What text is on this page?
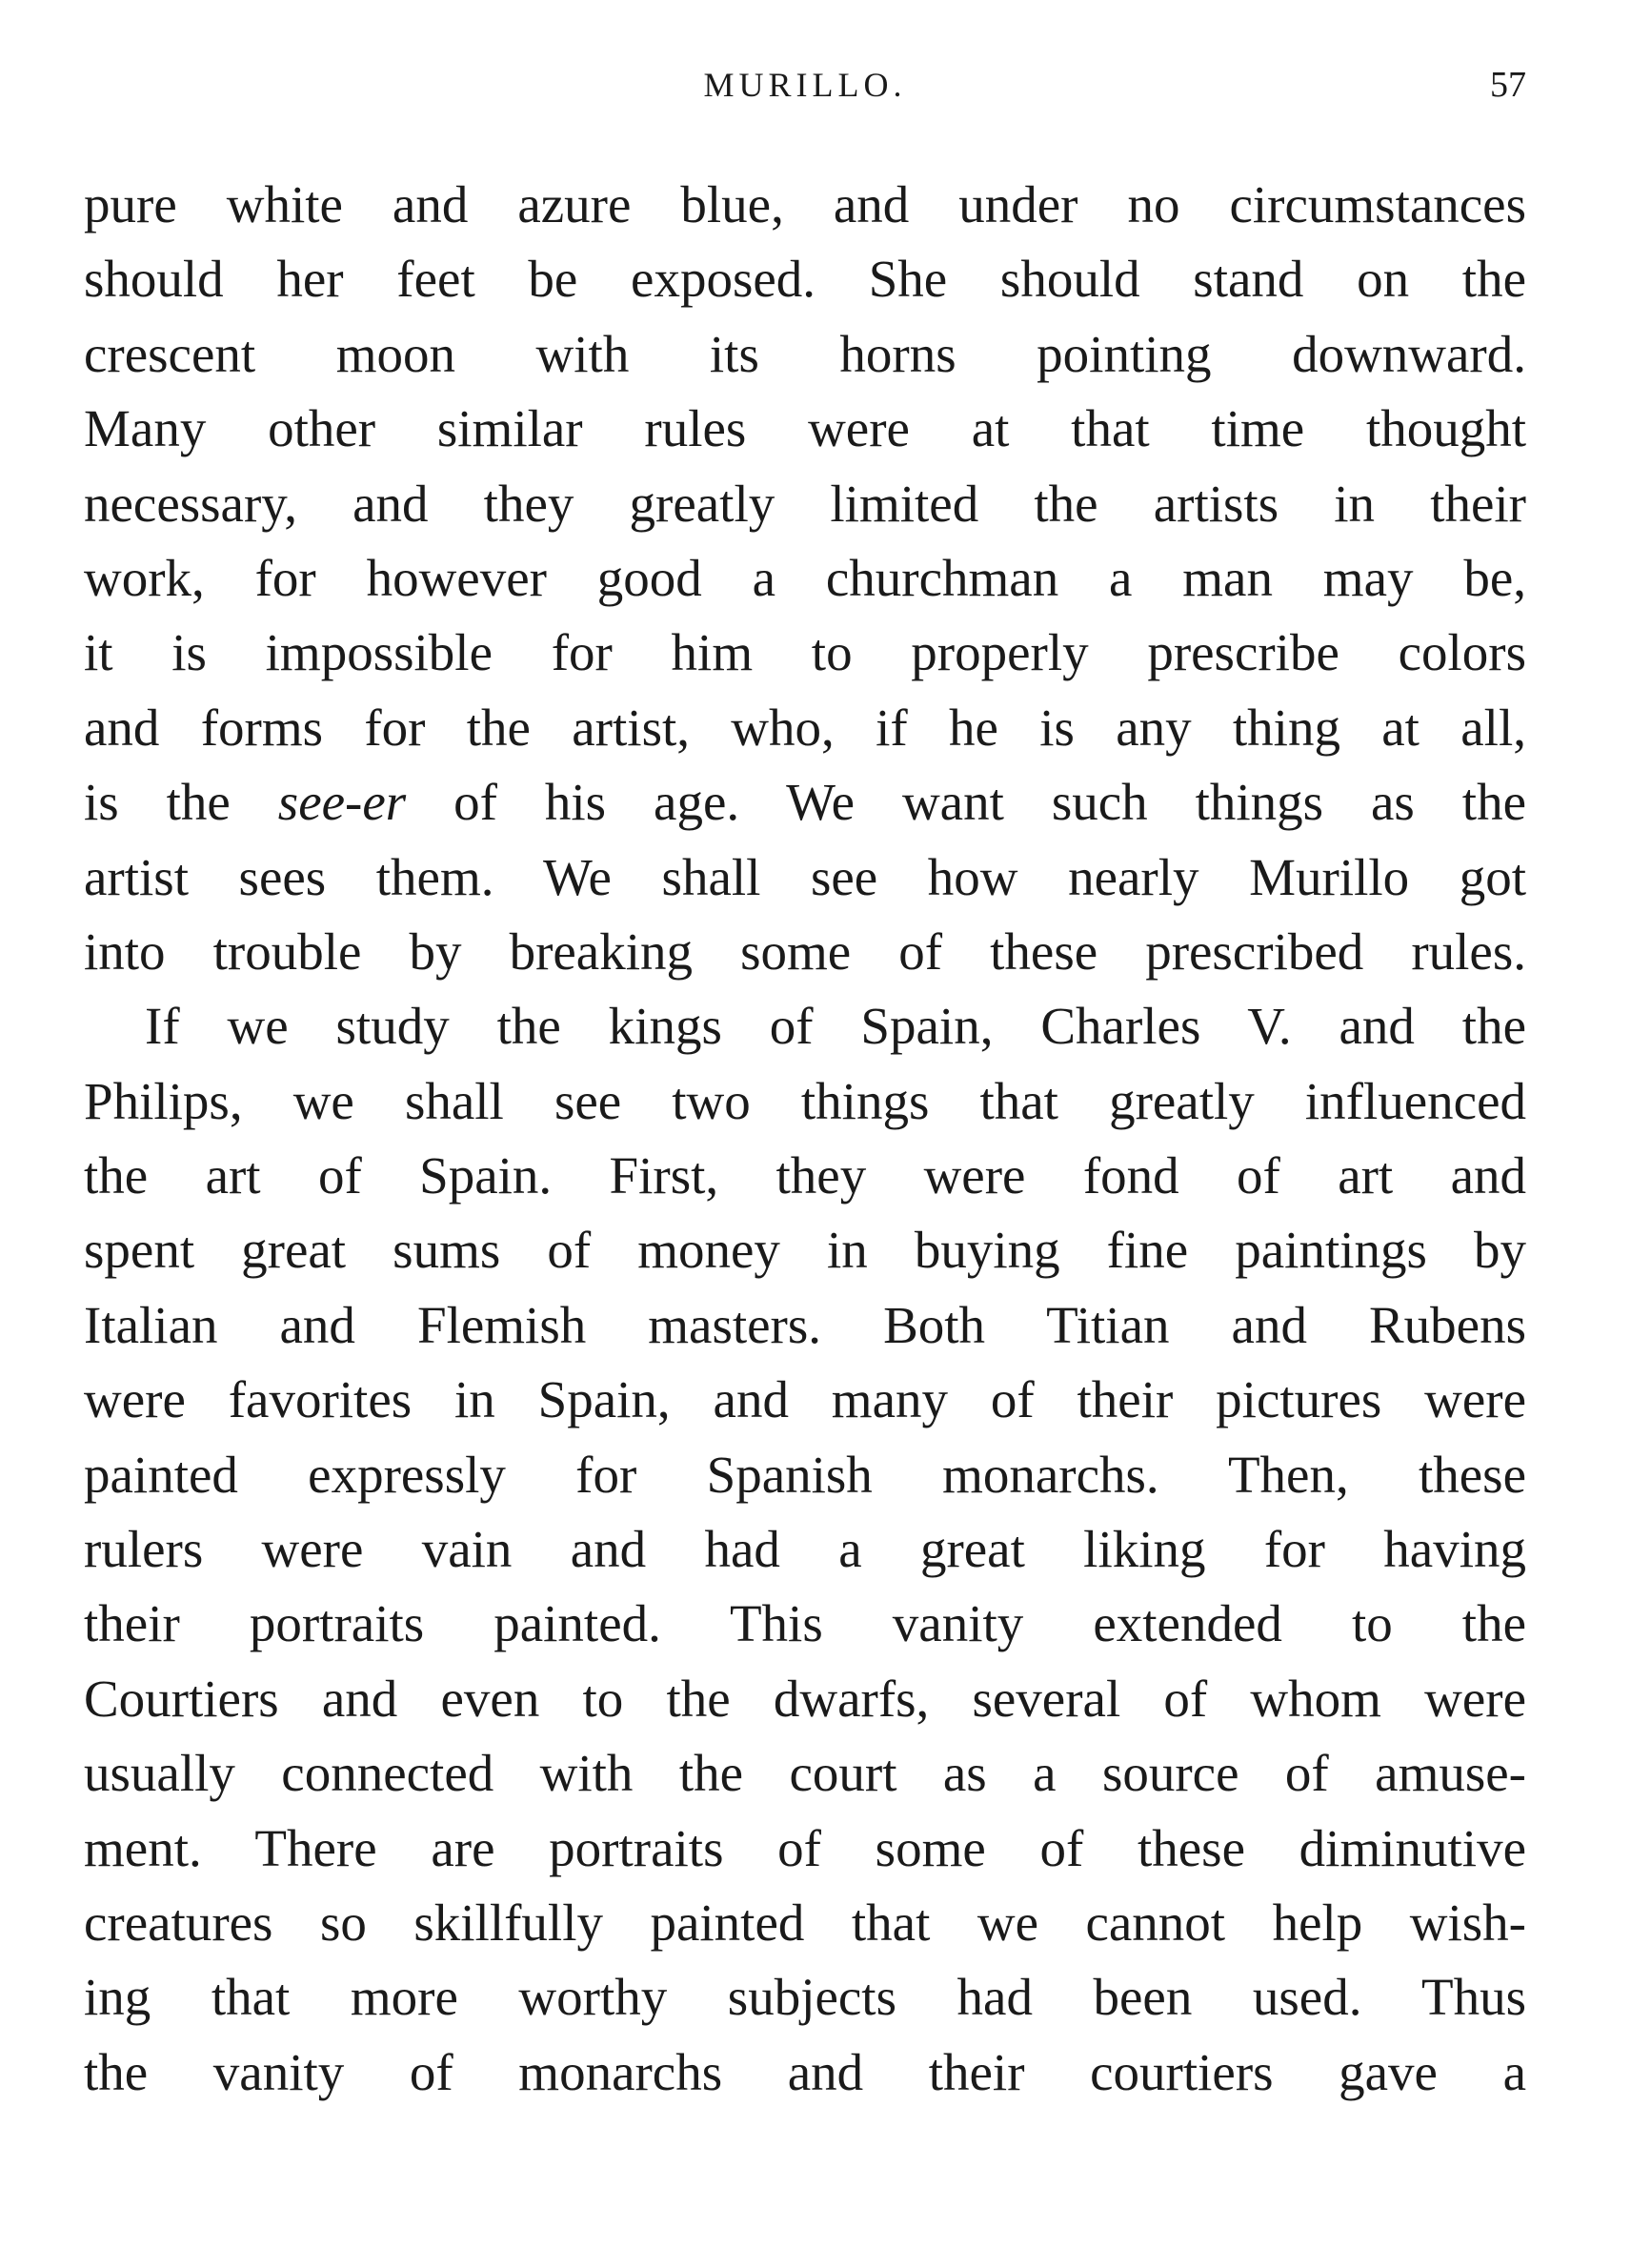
MURILLO.	57
pure white and azure blue, and under no circumstances
should her feet be exposed. She should stand on the
crescent moon with its horns pointing downward.
Many other similar rules were at that time thought
necessary, and they greatly limited the artists in their
work, for however good a churchman a man may be,
it is impossible for him to properly prescribe colors
and forms for the artist, who, if he is any thing at all,
is the see-er of his age. We want such things as the
artist sees them. We shall see how nearly Murillo got
into trouble by breaking some of these prescribed rules.
If we study the kings of Spain, Charles V. and the
Philips, we shall see two things that greatly influenced
the art of Spain. First, they were fond of art and
spent great sums of money in buying fine paintings by
Italian and Flemish masters. Both Titian and Rubens
were favorites in Spain, and many of their pictures were
painted expressly for Spanish monarchs. Then, these
rulers were vain and had a great liking for having
their portraits painted. This vanity extended to the
Courtiers and even to the dwarfs, several of whom were
usually connected with the court as a source of amuse-
ment. There are portraits of some of these diminutive
creatures so skillfully painted that we cannot help wish-
ing that more worthy subjects had been used. Thus
the vanity of monarchs and their courtiers gave a
